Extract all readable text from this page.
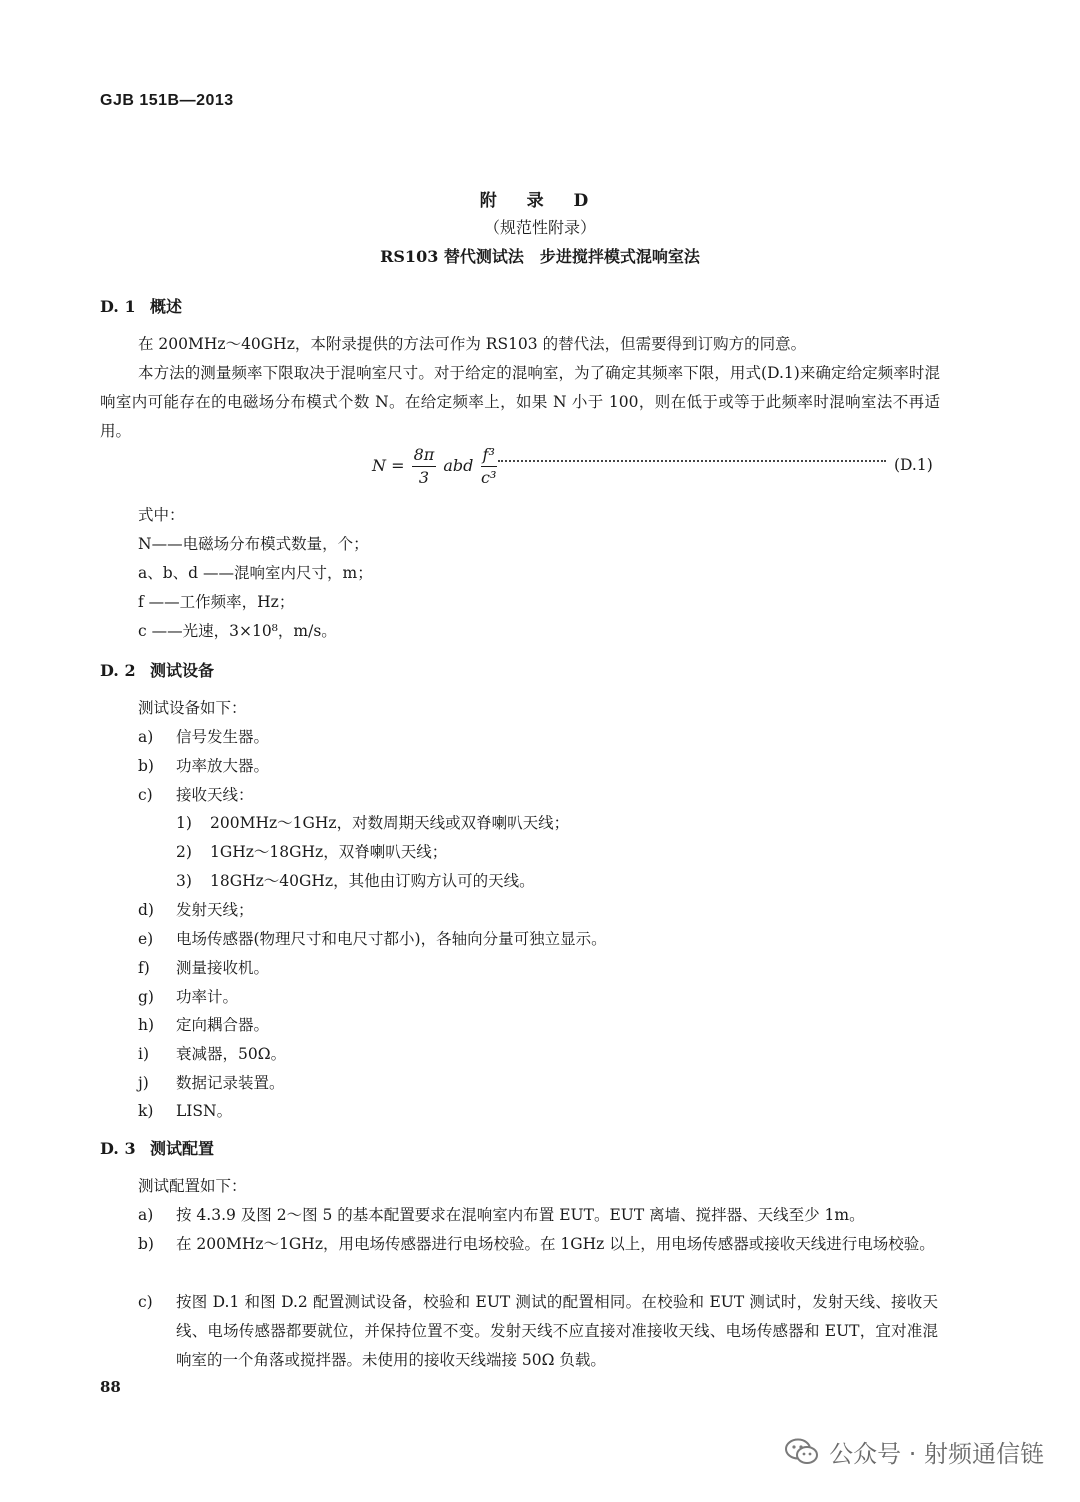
GJB 151B—2013
附 录 D
（规范性附录）
RS103 替代测试法　步进搅拌模式混响室法
D. 1 概述
在 200MHz～40GHz，本附录提供的方法可作为 RS103 的替代法，但需要得到订购方的同意。
本方法的测量频率下限取决于混响室尺寸。对于给定的混响室，为了确定其频率下限，用式(D.1)来确定给定频率时混响室内可能存在的电磁场分布模式个数 N。在给定频率上，如果 N 小于 100，则在低于或等于此频率时混响室法不再适用。
$N = \frac{8\pi}{3}$ abd $\frac{\text{f³}}{\text{c³}}$	(D.1)
式中：
N——电磁场分布模式数量，个；
a、b、d ——混响室内尺寸，m；
f ——工作频率，Hz；
c ——光速，3×10⁸，m/s。
D. 2 测试设备
测试设备如下：
a) 信号发生器。
b) 功率放大器。
c) 接收天线：
1) 200MHz～1GHz，对数周期天线或双脊喇叭天线；
2) 1GHz～18GHz，双脊喇叭天线；
3) 18GHz～40GHz，其他由订购方认可的天线。
d) 发射天线；
e) 电场传感器(物理尺寸和电尺寸都小)，各轴向分量可独立显示。
f) 测量接收机。
g) 功率计。
h) 定向耦合器。
i) 衰减器，50Ω。
j) 数据记录装置。
k) LISN。
D. 3 测试配置
测试配置如下：
a) 按 4.3.9 及图 2～图 5 的基本配置要求在混响室内布置 EUT。EUT 离墙、搅拌器、天线至少 1m。
b)	在 200MHz～1GHz，用电场传感器进行电场校验。在 1GHz 以上，用电场传感器或接收天线进行电场校验。
c)	按图 D.1 和图 D.2 配置测试设备，校验和 EUT 测试的配置相同。在校验和 EUT 测试时，发射天线、接收天线、电场传感器都要就位，并保持位置不变。发射天线不应直接对准接收天线、电场传感器和 EUT，宜对准混响室的一个角落或搅拌器。未使用的接收天线端接 50Ω 负载。
88
公众号 · 射频通信链
